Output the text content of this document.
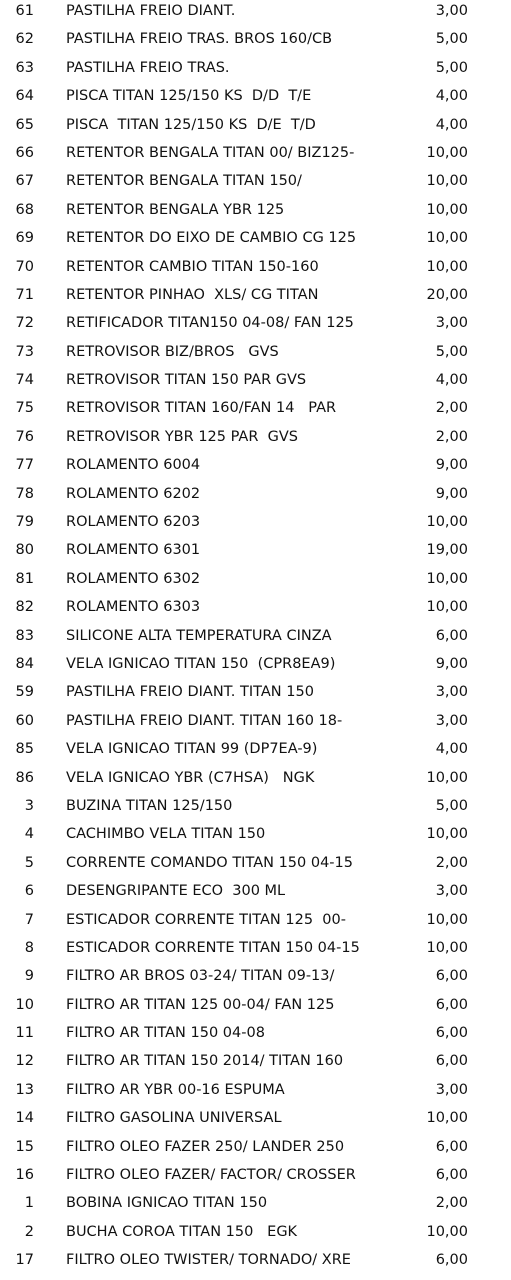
61 PASTILHA FREIO DIANT.	3,00
62 PASTILHA FREIO TRAS. BROS 160/CB	5,00
63 PASTILHA FREIO TRAS.	5,00
64 PISCA TITAN 125/150 KS  D/D  T/E	4,00
65 PISCA  TITAN 125/150 KS  D/E  T/D	4,00
66 RETENTOR BENGALA TITAN 00/ BIZ125-	10,00
67 RETENTOR BENGALA TITAN 150/	10,00
68 RETENTOR BENGALA YBR 125	10,00
69 RETENTOR DO EIXO DE CAMBIO CG 125	10,00
70 RETENTOR CAMBIO TITAN 150-160	10,00
71 RETENTOR PINHAO  XLS/ CG TITAN	20,00
72 RETIFICADOR TITAN150 04-08/ FAN 125	3,00
73 RETROVISOR BIZ/BROS   GVS	5,00
74 RETROVISOR TITAN 150 PAR GVS	4,00
75 RETROVISOR TITAN 160/FAN 14   PAR	2,00
76 RETROVISOR YBR 125 PAR  GVS	2,00
77 ROLAMENTO 6004	9,00
78 ROLAMENTO 6202	9,00
79 ROLAMENTO 6203	10,00
80 ROLAMENTO 6301	19,00
81 ROLAMENTO 6302	10,00
82 ROLAMENTO 6303	10,00
83 SILICONE ALTA TEMPERATURA CINZA	6,00
84 VELA IGNICAO TITAN 150  (CPR8EA9)	9,00
59 PASTILHA FREIO DIANT. TITAN 150	3,00
60 PASTILHA FREIO DIANT. TITAN 160 18-	3,00
85 VELA IGNICAO TITAN 99 (DP7EA-9)	4,00
86 VELA IGNICAO YBR (C7HSA)   NGK	10,00
3 BUZINA TITAN 125/150	5,00
4 CACHIMBO VELA TITAN 150	10,00
5 CORRENTE COMANDO TITAN 150 04-15	2,00
6 DESENGRIPANTE ECO  300 ML	3,00
7 ESTICADOR CORRENTE TITAN 125  00-	10,00
8 ESTICADOR CORRENTE TITAN 150 04-15	10,00
9 FILTRO AR BROS 03-24/ TITAN 09-13/	6,00
10 FILTRO AR TITAN 125 00-04/ FAN 125	6,00
11 FILTRO AR TITAN 150 04-08	6,00
12 FILTRO AR TITAN 150 2014/ TITAN 160	6,00
13 FILTRO AR YBR 00-16 ESPUMA	3,00
14 FILTRO GASOLINA UNIVERSAL	10,00
15 FILTRO OLEO FAZER 250/ LANDER 250	6,00
16 FILTRO OLEO FAZER/ FACTOR/ CROSSER	6,00
1 BOBINA IGNICAO TITAN 150	2,00
2 BUCHA COROA TITAN 150   EGK	10,00
17 FILTRO OLEO TWISTER/ TORNADO/ XRE	6,00
